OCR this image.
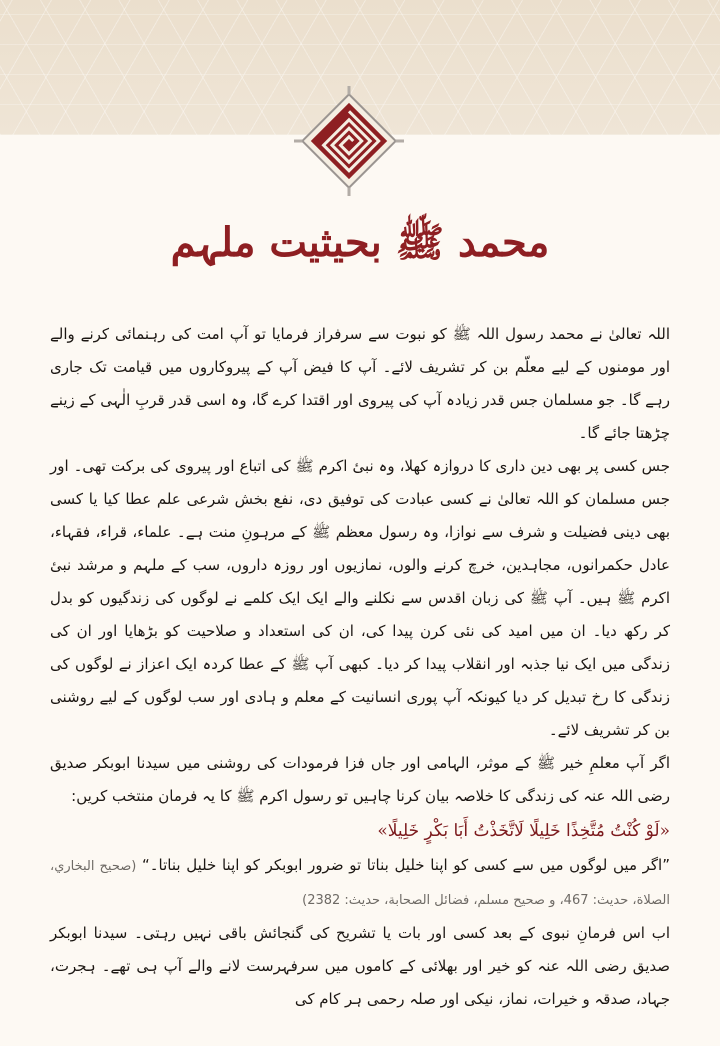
محمد ﷺ بحیثیت ملہم

اللہ تعالیٰ نے محمد رسول اللہ ﷺ کو نبوت سے سرفراز فرمایا تو آپ امت کی رہنمائی کرنے والے اور مومنوں کے لیے معلّم بن کر تشریف لائے۔ آپ کا فیض آپ کے پیروکاروں میں قیامت تک جاری رہے گا۔ جو مسلمان جس قدر زیادہ آپ کی پیروی اور اقتدا کرے گا، وہ اسی قدر قربِ الٰہی کے زینے چڑھتا جائے گا۔

جس کسی پر بھی دین داری کا دروازہ کھلا، وہ نبیٔ اکرم ﷺ کی اتباع اور پیروی کی برکت تھی۔ اور جس مسلمان کو اللہ تعالیٰ نے کسی عبادت کی توفیق دی، نفع بخش شرعی علم عطا کیا یا کسی بھی دینی فضیلت و شرف سے نوازا، وہ رسول معظم ﷺ کے مرہونِ منت ہے۔ علماء، قراء، فقہاء، عادل حکمرانوں، مجاہدین، خرچ کرنے والوں، نمازیوں اور روزہ داروں، سب کے ملہم و مرشد نبیٔ اکرم ﷺ ہیں۔ آپ ﷺ کی زبان اقدس سے نکلنے والے ایک ایک کلمے نے لوگوں کی زندگیوں کو بدل کر رکھ دیا۔ ان میں امید کی نئی کرن پیدا کی، ان کی استعداد و صلاحیت کو بڑھایا اور ان کی زندگی میں ایک نیا جذبہ اور انقلاب پیدا کر دیا۔ کبھی آپ ﷺ کے عطا کردہ ایک اعزاز نے لوگوں کی زندگی کا رخ تبدیل کر دیا کیونکہ آپ پوری انسانیت کے معلم و ہادی اور سب لوگوں کے لیے روشنی بن کر تشریف لائے۔

اگر آپ معلمِ خیر ﷺ کے موثر، الہامی اور جاں فزا فرمودات کی روشنی میں سیدنا ابوبکر صدیق رضی اللہ عنہ کی زندگی کا خلاصہ بیان کرنا چاہیں تو رسول اکرم ﷺ کا یہ فرمان منتخب کریں:

«لَوْ كُنْتُ مُتَّخِذًا خَلِيلًا لَاتَّخَذْتُ أَبَا بَكْرٍ خَلِيلًا»

”اگر میں لوگوں میں سے کسی کو اپنا خلیل بناتا تو ضرور ابوبکر کو اپنا خلیل بناتا۔“ (صحيح البخاري، الصلاة، حديث: 467، و صحيح مسلم، فضائل الصحابة، حديث: 2382)

اب اس فرمانِ نبوی کے بعد کسی اور بات یا تشریح کی گنجائش باقی نہیں رہتی۔ سیدنا ابوبکر صدیق رضی اللہ عنہ کو خیر اور بھلائی کے کاموں میں سرفہرست لانے والے آپ ہی تھے۔ ہجرت، جہاد، صدقہ و خیرات، نماز، نیکی اور صلہ رحمی ہر کام کی
